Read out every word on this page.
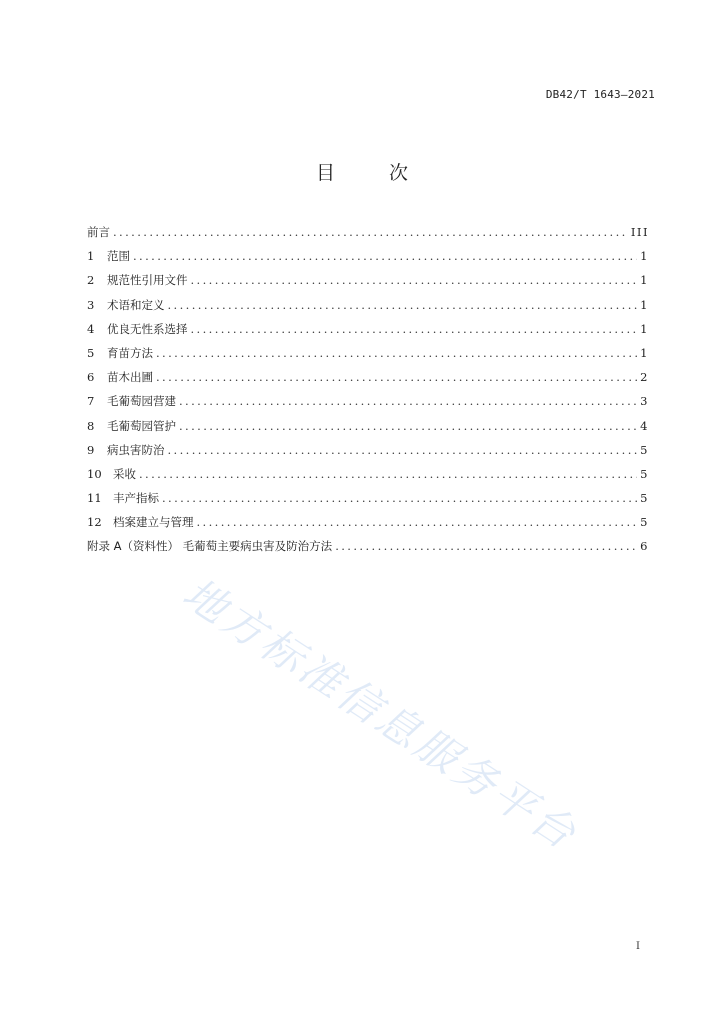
DB42/T 1643—2021
目 次
前言 .....	III
1	范围 .....	1
2	规范性引用文件 .....	1
3	术语和定义 .....	1
4	优良无性系选择 .....	1
5	育苗方法 .....	1
6	苗木出圃 .....	2
7	毛葡萄园营建 .....	3
8	毛葡萄园管护 .....	4
9	病虫害防治 .....	5
10 采收 .....	5
11 丰产指标 .....	5
12 档案建立与管理 .....	5
附录 A（资料性） 毛葡萄主要病虫害及防治方法 .....	6
地方标准信息服务平台
I
